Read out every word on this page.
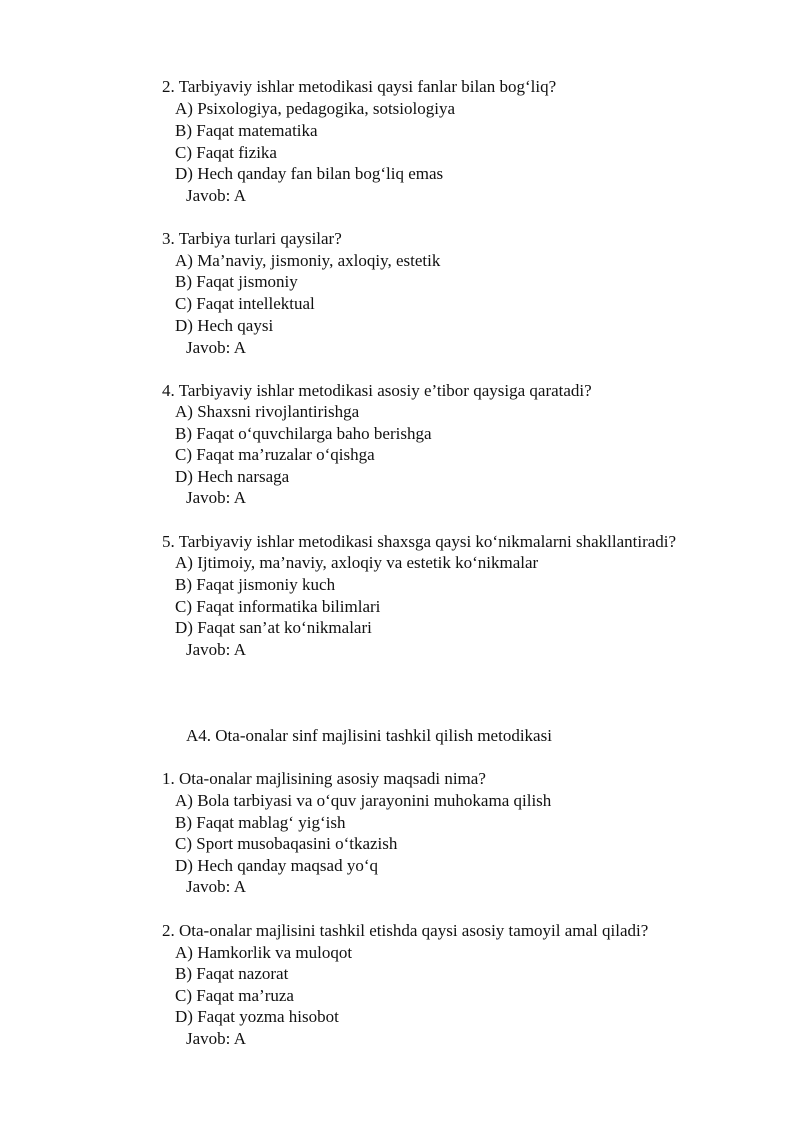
2. Tarbiyaviy ishlar metodikasi qaysi fanlar bilan bog‘liq?
A) Psixologiya, pedagogika, sotsiologiya
B) Faqat matematika
C) Faqat fizika
D) Hech qanday fan bilan bog‘liq emas
Javob: A
3. Tarbiya turlari qaysilar?
A) Ma’naviy, jismoniy, axloqiy, estetik
B) Faqat jismoniy
C) Faqat intellektual
D) Hech qaysi
Javob: A
4. Tarbiyaviy ishlar metodikasi asosiy e’tibor qaysiga qaratadi?
A) Shaxsni rivojlantirishga
B) Faqat o‘quvchilarga baho berishga
C) Faqat ma’ruzalar o‘qishga
D) Hech narsaga
Javob: A
5. Tarbiyaviy ishlar metodikasi shaxsga qaysi ko‘nikmalarni shakllantiradi?
A) Ijtimoiy, ma’naviy, axloqiy va estetik ko‘nikmalar
B) Faqat jismoniy kuch
C) Faqat informatika bilimlari
D) Faqat san’at ko‘nikmalari
Javob: A
A4. Ota-onalar sinf majlisini tashkil qilish metodikasi
1. Ota-onalar majlisining asosiy maqsadi nima?
A) Bola tarbiyasi va o‘quv jarayonini muhokama qilish
B) Faqat mablag‘ yig‘ish
C) Sport musobaqasini o‘tkazish
D) Hech qanday maqsad yo‘q
Javob: A
2. Ota-onalar majlisini tashkil etishda qaysi asosiy tamoyil amal qiladi?
A) Hamkorlik va muloqot
B) Faqat nazorat
C) Faqat ma’ruza
D) Faqat yozma hisobot
Javob: A
